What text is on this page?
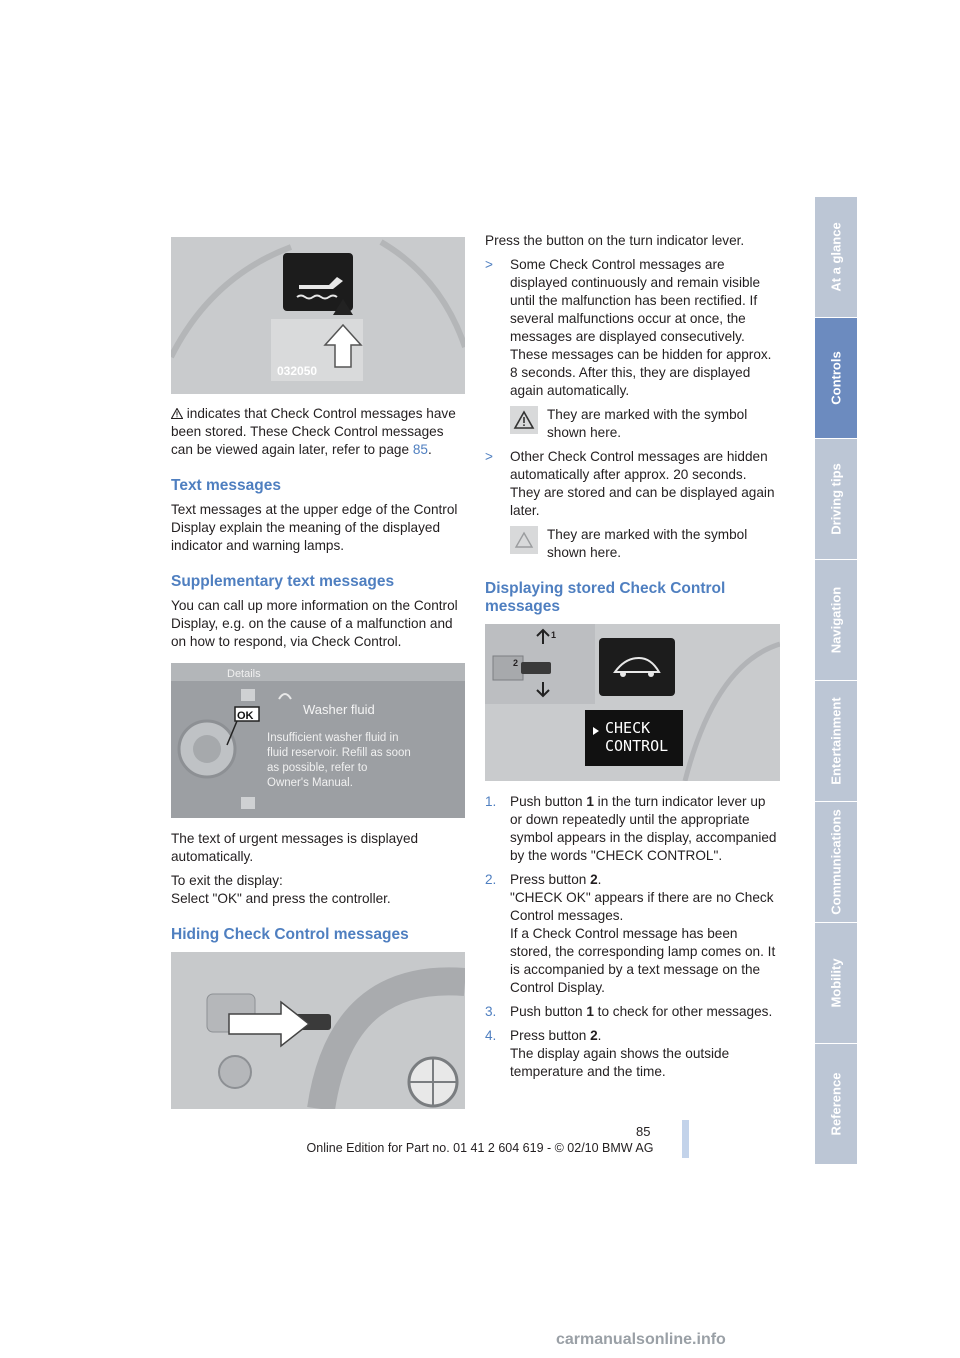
032050

indicates that Check Control messages have been stored. These Check Control messages can be viewed again later, refer to page 85.

Text messages

Text messages at the upper edge of the Control Display explain the meaning of the displayed indicator and warning lamps.

Supplementary text messages

You can call up more information on the Control Display, e.g. on the cause of a malfunction and on how to respond, via Check Control.

Details
OK	Washer fluid
Insufficient washer fluid in
fluid reservoir. Refill as soon
as possible, refer to
Owner's Manual.

The text of urgent messages is displayed automatically.

To exit the display:
Select "OK" and press the controller.

Hiding Check Control messages

Press the button on the turn indicator lever.

> Some Check Control messages are displayed continuously and remain visible until the malfunction has been rectified. If several malfunctions occur at once, the messages are displayed consecutively.
These messages can be hidden for approx. 8 seconds. After this, they are displayed again automatically.
They are marked with the symbol shown here.
> Other Check Control messages are hidden automatically after approx. 20 seconds. They are stored and can be displayed again later.
They are marked with the symbol shown here.
Displaying stored Check Control messages
1
2
CHECK
CONTROL
1. Push button 1 in the turn indicator lever up or down repeatedly until the appropriate symbol appears in the display, accompanied by the words "CHECK CONTROL".
2. Press button 2.
"CHECK OK" appears if there are no Check Control messages.
If a Check Control message has been stored, the corresponding lamp comes on. It is accompanied by a text message on the Control Display.
3. Push button 1 to check for other messages.
4. Press button 2.
The display again shows the outside temperature and the time.
At a glance
Controls
Driving tips
Navigation
Entertainment
Communications
Mobility
Reference
85
Online Edition for Part no. 01 41 2 604 619 - © 02/10 BMW AG
carmanualsonline.info
